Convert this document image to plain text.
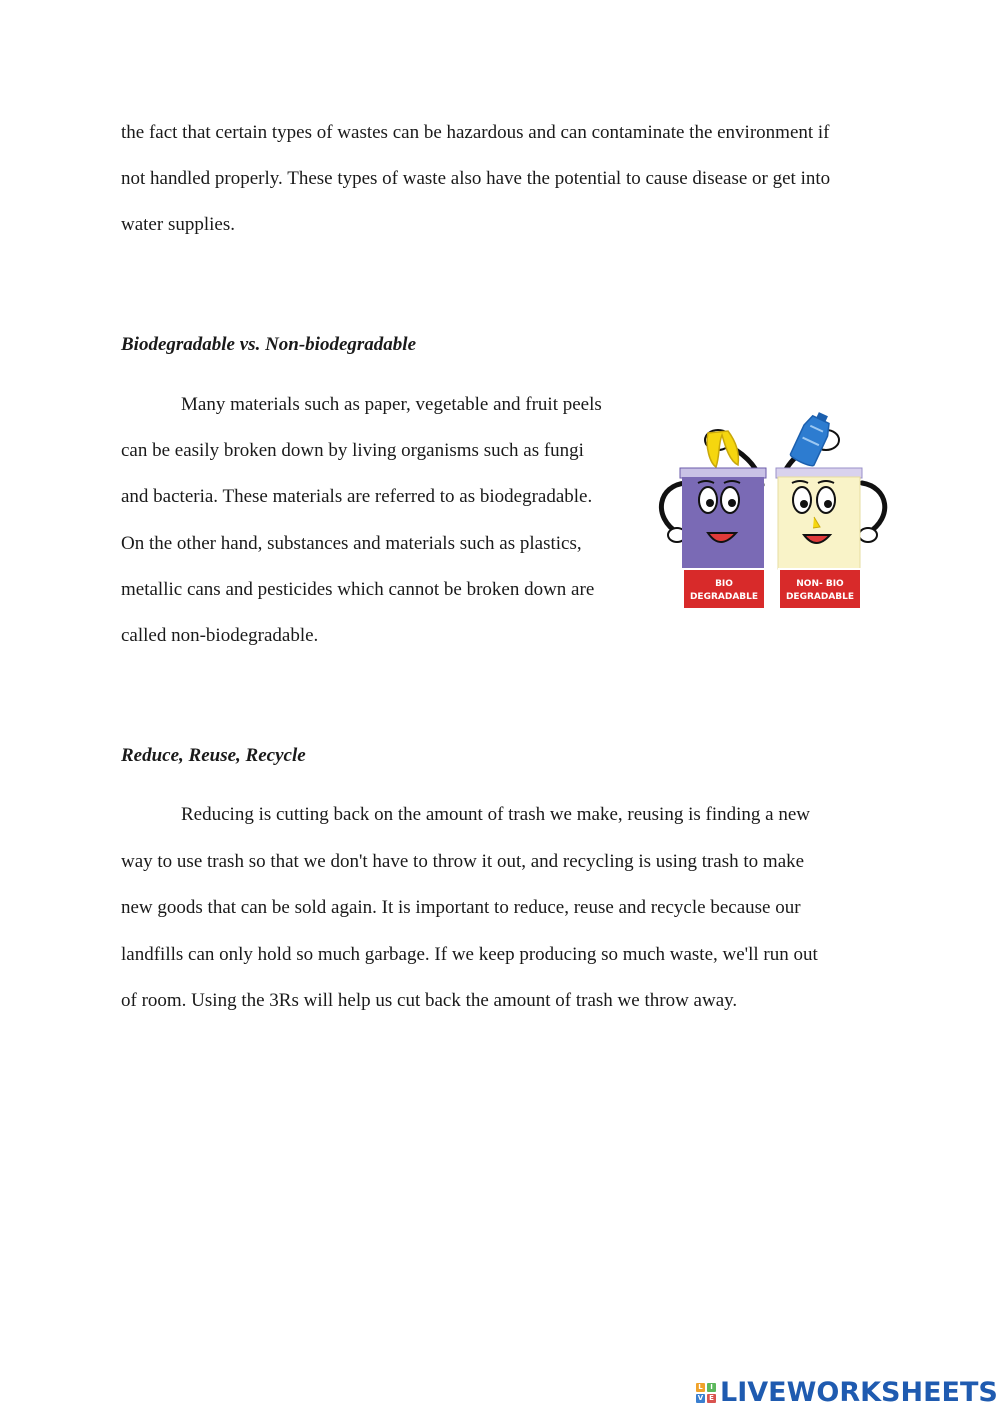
the fact that certain types of wastes can be hazardous and can contaminate the environment if
not handled properly. These types of waste also have the potential to cause disease or get into
water supplies.
Biodegradable vs. Non-biodegradable
Many materials such as paper, vegetable and fruit peels
can be easily broken down by living organisms such as fungi
and bacteria. These materials are referred to as biodegradable.
On the other hand, substances and materials such as plastics,
metallic cans and pesticides which cannot be broken down are
called non-biodegradable.
BIO
DEGRADABLE
NON- BIO
DEGRADABLE
Reduce, Reuse, Recycle
Reducing is cutting back on the amount of trash we make, reusing is finding a new
way to use trash so that we don't have to throw it out, and recycling is using trash to make
new goods that can be sold again. It is important to reduce, reuse and recycle because our
landfills can only hold so much garbage. If we keep producing so much waste, we'll run out
of room. Using the 3Rs will help us cut back the amount of trash we throw away.
L	I
V E LIVEWORKSHEETS
